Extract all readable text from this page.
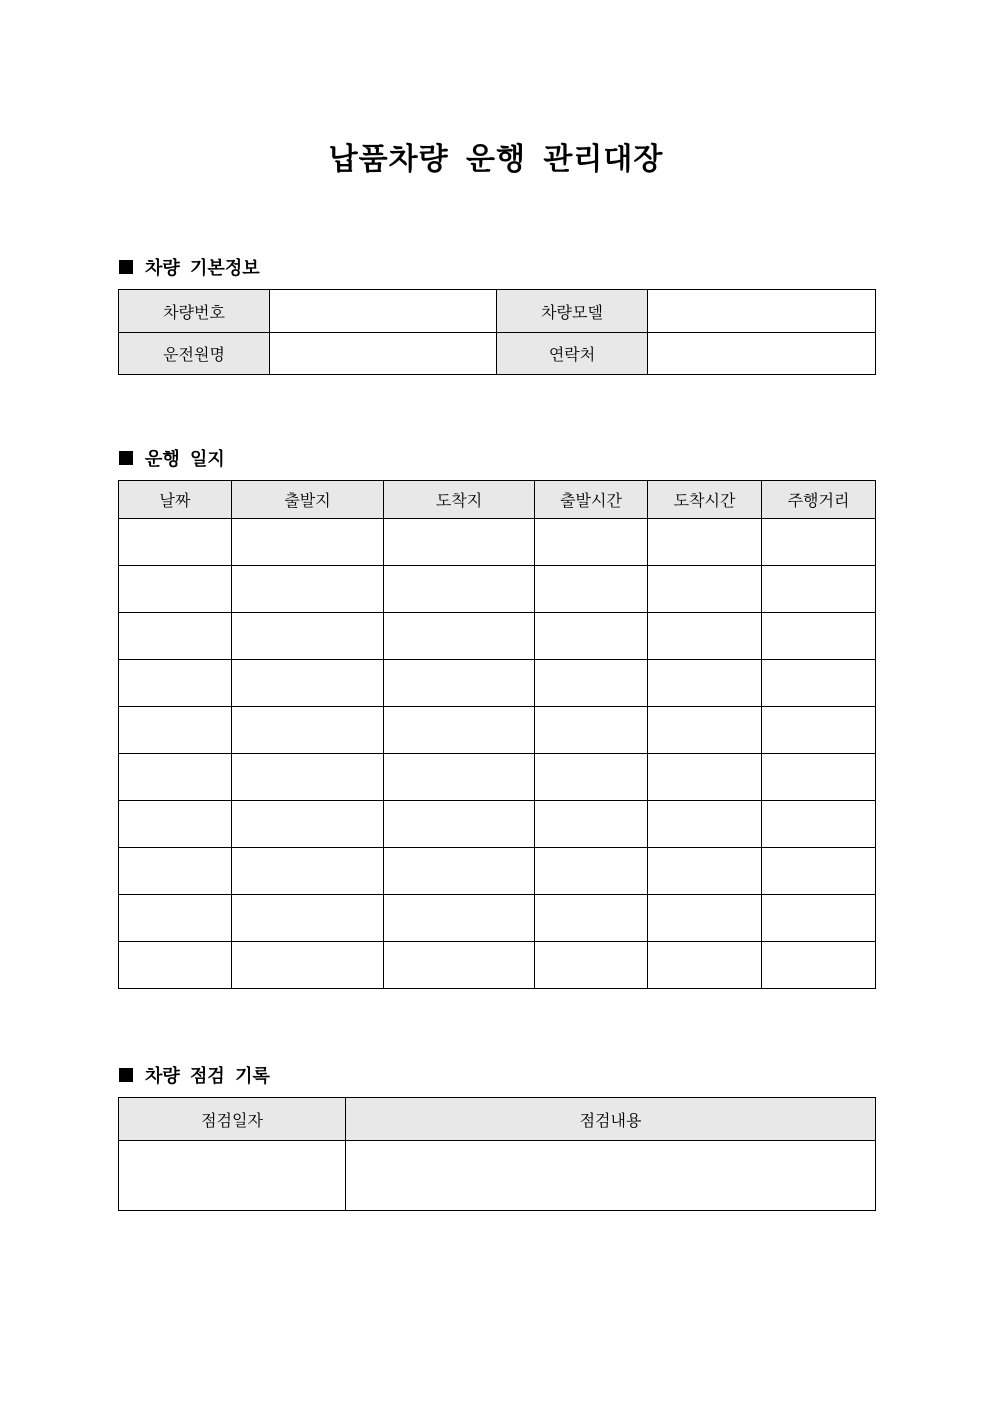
납품차량 운행 관리대장
차량 기본정보
차량번호		차량모델	
운전원명		연락처	
운행 일지
날짜	출발지	도착지	출발시간	도착시간	주행거리

차량 점검 기록
점검일자	점검내용
